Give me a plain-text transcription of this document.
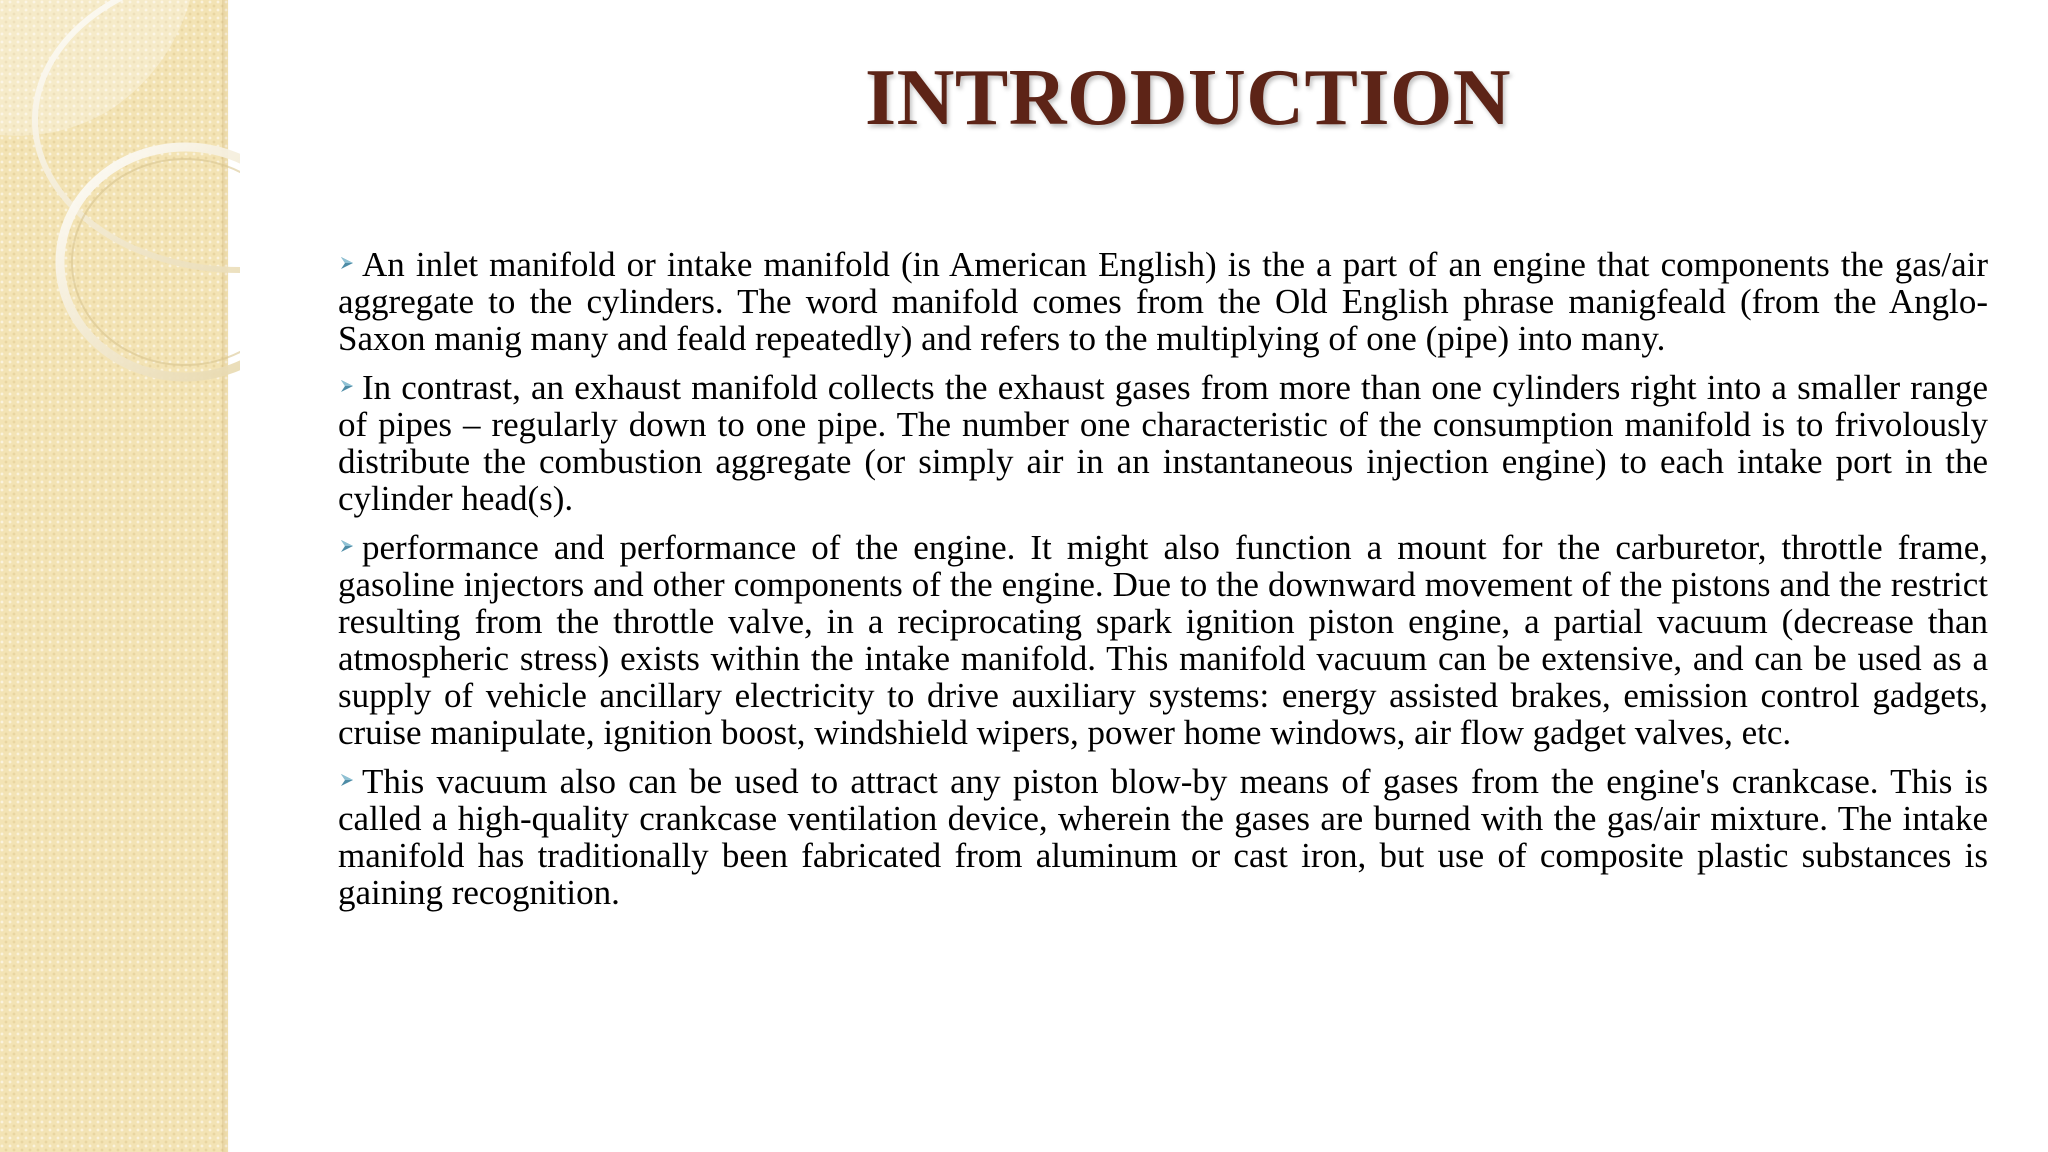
INTRODUCTION

An inlet manifold or intake manifold (in American English) is the a part of an engine that components the gas/air aggregate to the cylinders. The word manifold comes from the Old English phrase manigfeald (from the Anglo-Saxon manig many and feald repeatedly) and refers to the multiplying of one (pipe) into many.

In contrast, an exhaust manifold collects the exhaust gases from more than one cylinders right into a smaller range of pipes – regularly down to one pipe. The number one characteristic of the consumption manifold is to frivolously distribute the combustion aggregate (or simply air in an instantaneous injection engine) to each intake port in the cylinder head(s).

performance and performance of the engine. It might also function a mount for the carburetor, throttle frame, gasoline injectors and other components of the engine. Due to the downward movement of the pistons and the restrict resulting from the throttle valve, in a reciprocating spark ignition piston engine, a partial vacuum (decrease than atmospheric stress) exists within the intake manifold. This manifold vacuum can be extensive, and can be used as a supply of vehicle ancillary electricity to drive auxiliary systems: energy assisted brakes, emission control gadgets, cruise manipulate, ignition boost, windshield wipers, power home windows, air flow gadget valves, etc.

This vacuum also can be used to attract any piston blow-by means of gases from the engine's crankcase. This is called a high-quality crankcase ventilation device, wherein the gases are burned with the gas/air mixture. The intake manifold has traditionally been fabricated from aluminum or cast iron, but use of composite plastic substances is gaining recognition.
